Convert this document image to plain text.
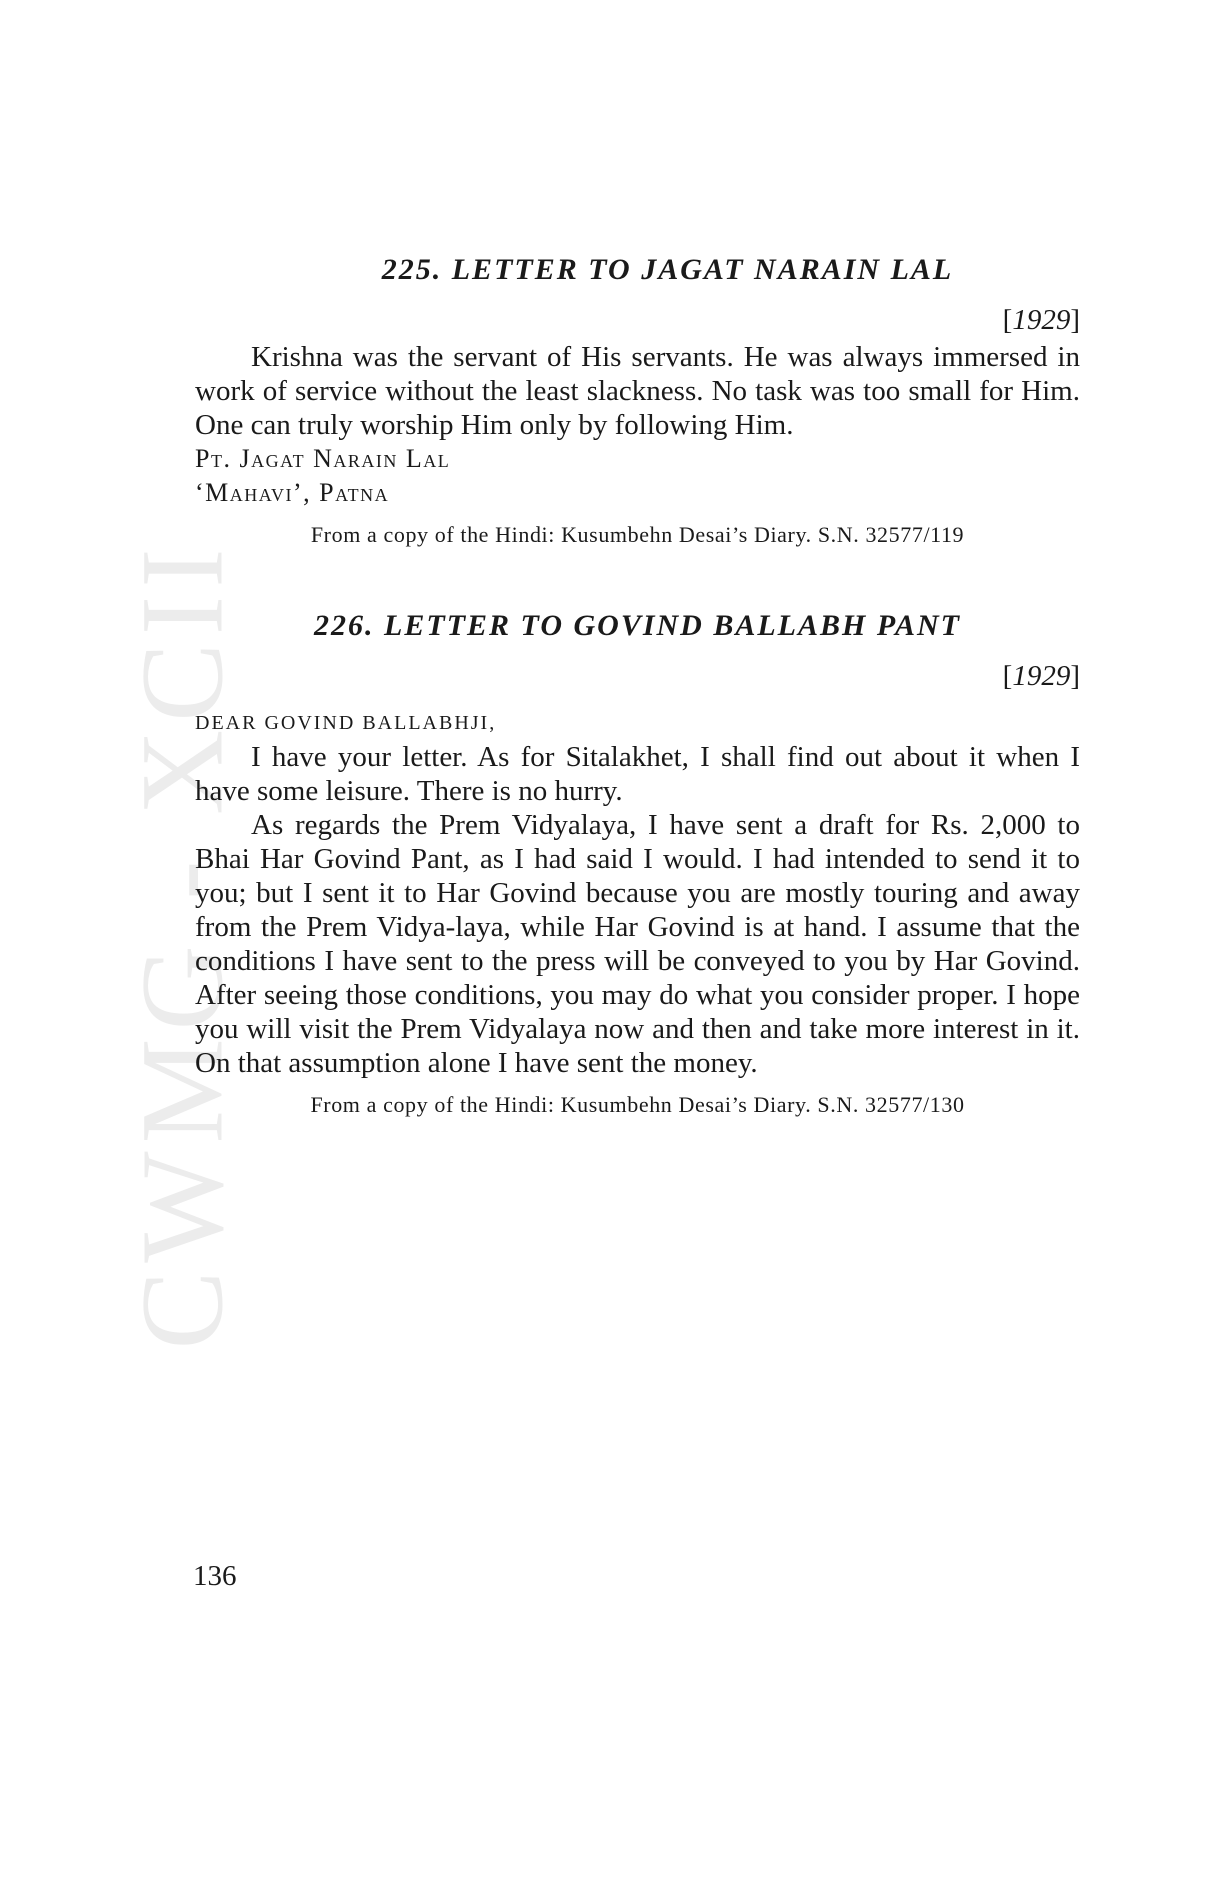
CWMG - XCII
225. LETTER TO JAGAT NARAIN LAL
[1929]

Krishna was the servant of His servants. He was always immersed in work of service without the least slackness. No task was too small for Him. One can truly worship Him only by following Him.

Pt. Jagat Narain Lal
‘Mahavi’, Patna

From a copy of the Hindi: Kusumbehn Desai’s Diary. S.N. 32577/119

226. LETTER TO GOVIND BALLABH PANT
[1929]
DEAR GOVIND BALLABHJI,

I have your letter. As for Sitalakhet, I shall find out about it when I have some leisure. There is no hurry.

As regards the Prem Vidyalaya, I have sent a draft for Rs. 2,000 to Bhai Har Govind Pant, as I had said I would. I had intended to send it to you; but I sent it to Har Govind because you are mostly touring and away from the Prem Vidya-laya, while Har Govind is at hand. I assume that the conditions I have sent to the press will be conveyed to you by Har Govind. After seeing those conditions, you may do what you consider proper. I hope you will visit the Prem Vidyalaya now and then and take more interest in it. On that assumption alone I have sent the money.

From a copy of the Hindi: Kusumbehn Desai’s Diary. S.N. 32577/130

136
